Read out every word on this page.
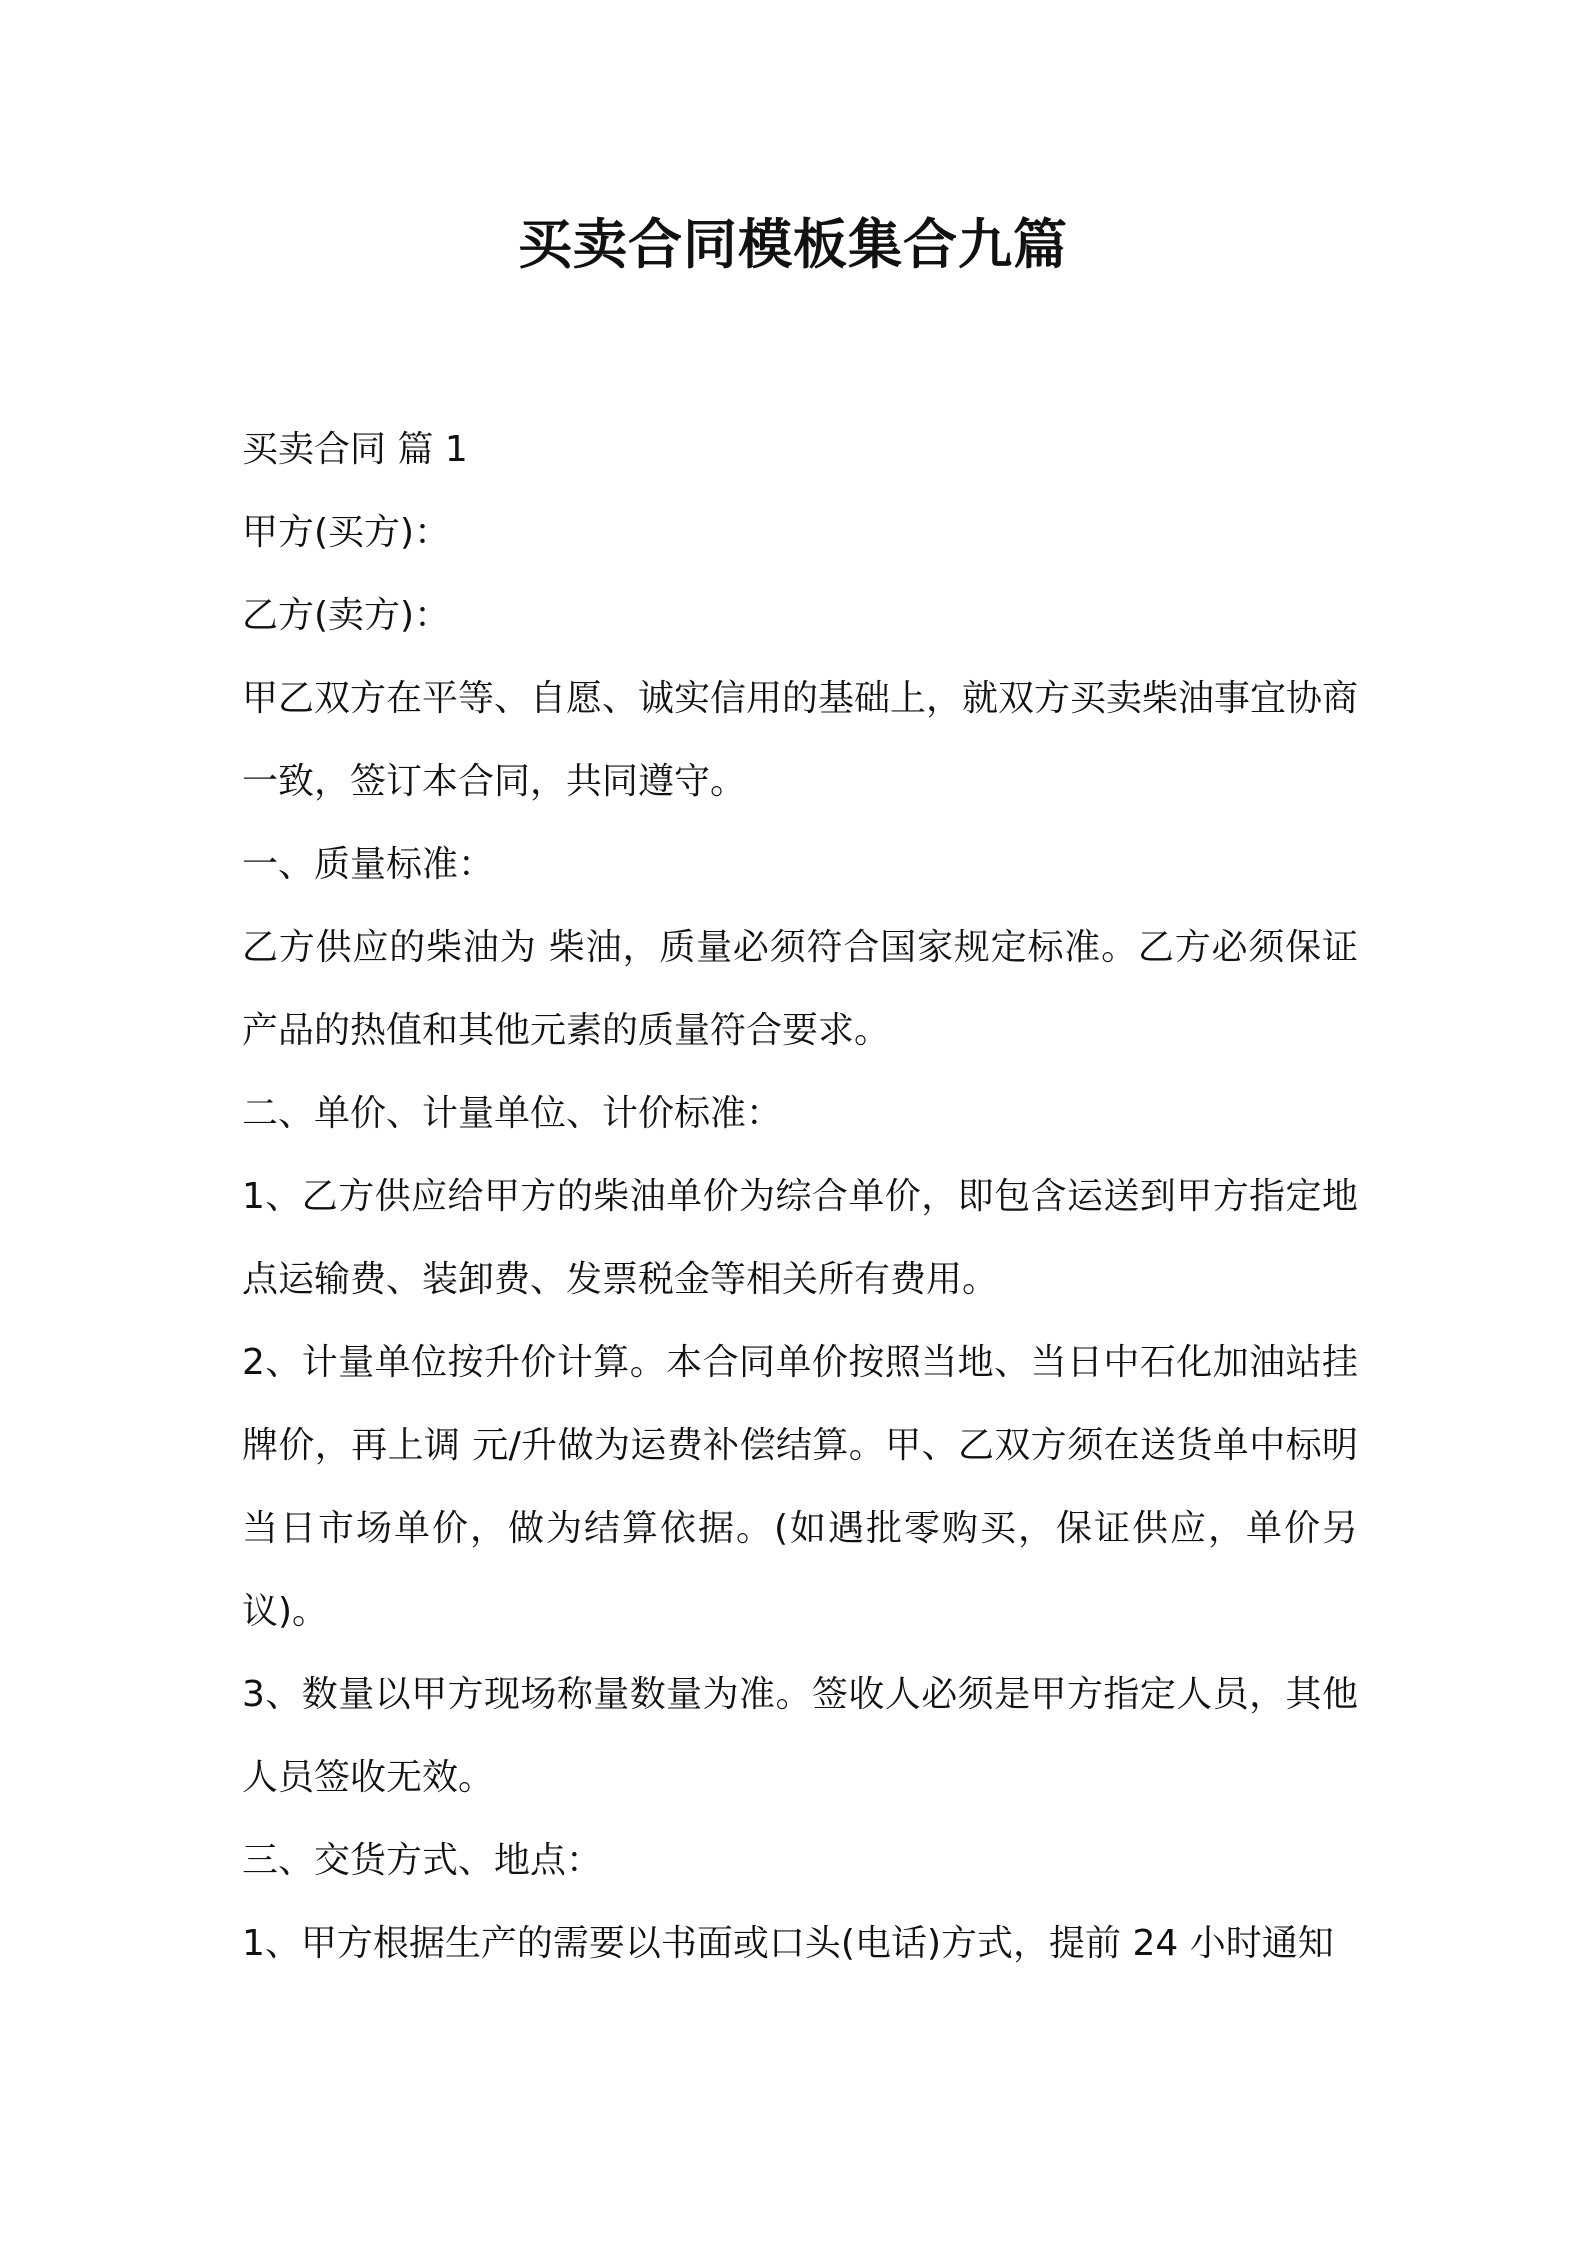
买卖合同模板集合九篇

买卖合同 篇 1

甲方(买方)：

乙方(卖方)：

甲乙双方在平等、自愿、诚实信用的基础上，就双方买卖柴油事宜协商一致，签订本合同，共同遵守。

一、质量标准：

乙方供应的柴油为 柴油，质量必须符合国家规定标准。乙方必须保证产品的热值和其他元素的质量符合要求。

二、单价、计量单位、计价标准：

1、乙方供应给甲方的柴油单价为综合单价，即包含运送到甲方指定地点运输费、装卸费、发票税金等相关所有费用。

2、计量单位按升价计算。本合同单价按照当地、当日中石化加油站挂牌价，再上调 元/升做为运费补偿结算。甲、乙双方须在送货单中标明当日市场单价，做为结算依据。(如遇批零购买，保证供应，单价另议)。

3、数量以甲方现场称量数量为准。签收人必须是甲方指定人员，其他人员签收无效。

三、交货方式、地点：

1、甲方根据生产的需要以书面或口头(电话)方式，提前 24 小时通知
